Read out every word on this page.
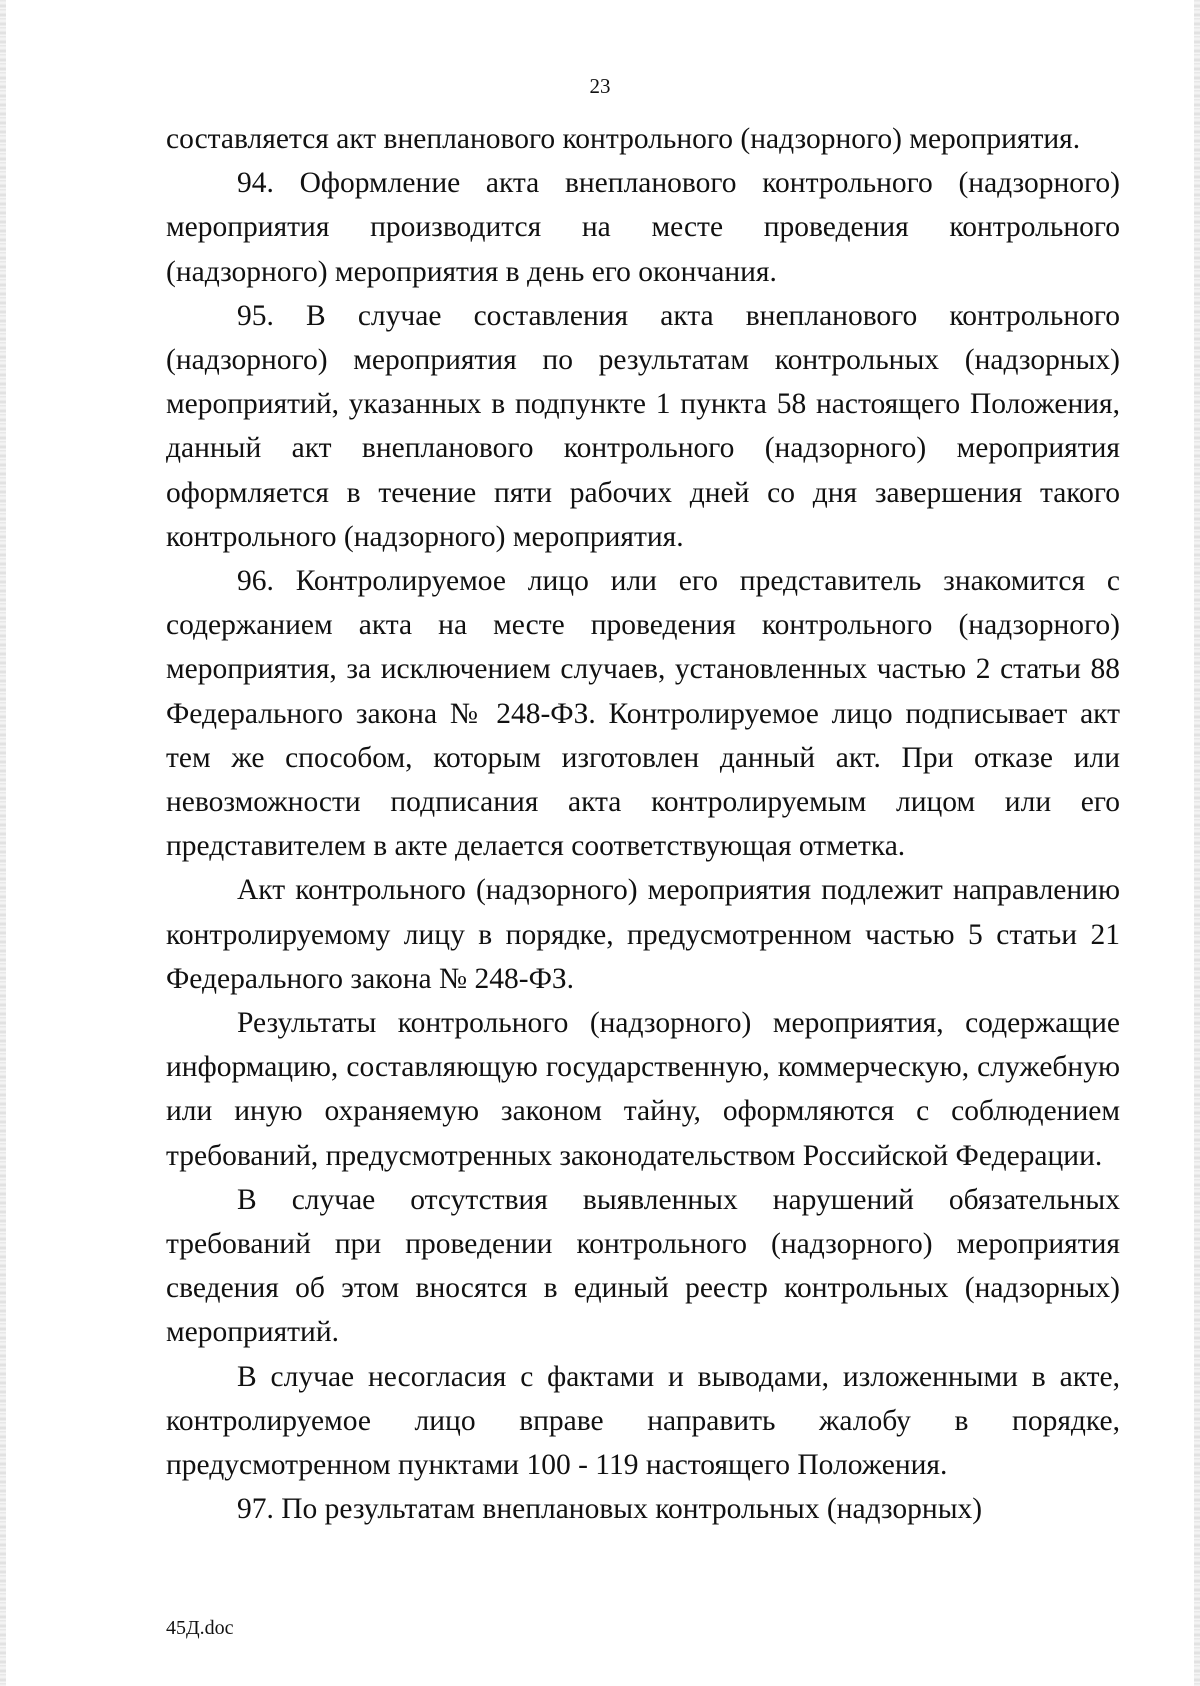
23

составляется акт внепланового контрольного (надзорного) мероприятия.

94. Оформление акта внепланового контрольного (надзорного) мероприятия производится на месте проведения контрольного (надзорного) мероприятия в день его окончания.

95. В случае составления акта внепланового контрольного (надзорного) мероприятия по результатам контрольных (надзорных) мероприятий, указанных в подпункте 1 пункта 58 настоящего Положения, данный акт внепланового контрольного (надзорного) мероприятия оформляется в течение пяти рабочих дней со дня завершения такого контрольного (надзорного) мероприятия.

96. Контролируемое лицо или его представитель знакомится с содержанием акта на месте проведения контрольного (надзорного) мероприятия, за исключением случаев, установленных частью 2 статьи 88 Федерального закона № 248-ФЗ. Контролируемое лицо подписывает акт тем же способом, которым изготовлен данный акт. При отказе или невозможности подписания акта контролируемым лицом или его представителем в акте делается соответствующая отметка.

Акт контрольного (надзорного) мероприятия подлежит направлению контролируемому лицу в порядке, предусмотренном частью 5 статьи 21 Федерального закона № 248-ФЗ.

Результаты контрольного (надзорного) мероприятия, содержащие информацию, составляющую государственную, коммерческую, служебную или иную охраняемую законом тайну, оформляются с соблюдением требований, предусмотренных законодательством Российской Федерации.

В случае отсутствия выявленных нарушений обязательных требований при проведении контрольного (надзорного) мероприятия сведения об этом вносятся в единый реестр контрольных (надзорных) мероприятий.

В случае несогласия с фактами и выводами, изложенными в акте, контролируемое лицо вправе направить жалобу в порядке, предусмотренном пунктами 100 - 119 настоящего Положения.

97. По результатам внеплановых контрольных (надзорных)

45Д.doc
